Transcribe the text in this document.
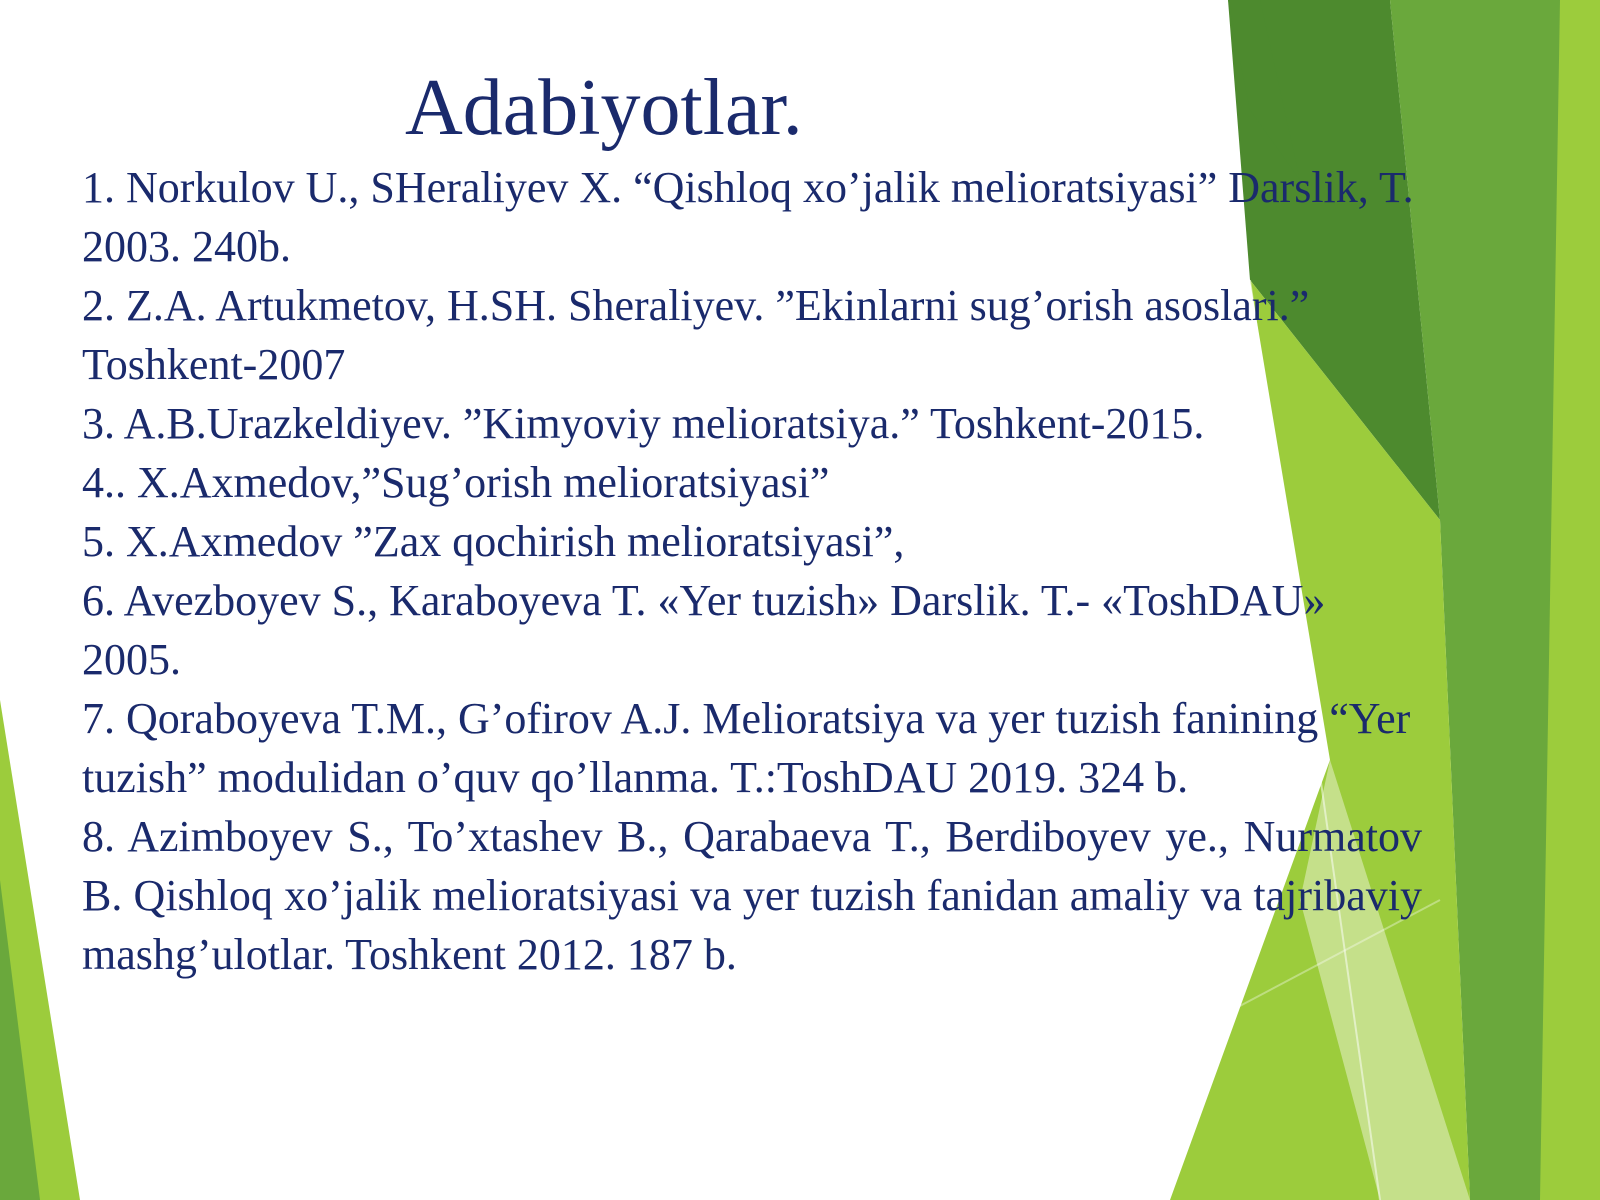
Adabiyotlar.
1. Norkulov U., SHeraliyev X. “Qishloq xo’jalik melioratsiyasi” Darslik, T. 2003. 240b.
2. Z.A. Artukmetov, H.SH. Sheraliyev. ”Ekinlarni sug’orish asoslari.” Toshkent-2007
3. A.B.Urazkeldiyev. ”Kimyoviy melioratsiya.” Toshkent-2015.
4.. X.Axmedov,”Sug’orish melioratsiyasi”
5. X.Axmedov ”Zax qochirish melioratsiyasi”,
6. Avezboyev S., Karaboyeva T. «Yer tuzish» Darslik. T.- «ToshDAU» 2005.
7. Qoraboyeva T.M., G’ofirov A.J. Melioratsiya va yer tuzish fanining “Yer tuzish” modulidan o’quv qo’llanma. T.:ToshDAU 2019. 324 b.
8. Azimboyev S., To’xtashev B., Qarabaeva T., Berdiboyev ye., Nurmatov B. Qishloq xo’jalik melioratsiyasi va yer tuzish fanidan amaliy va tajribaviy mashg’ulotlar. Toshkent 2012. 187 b.
